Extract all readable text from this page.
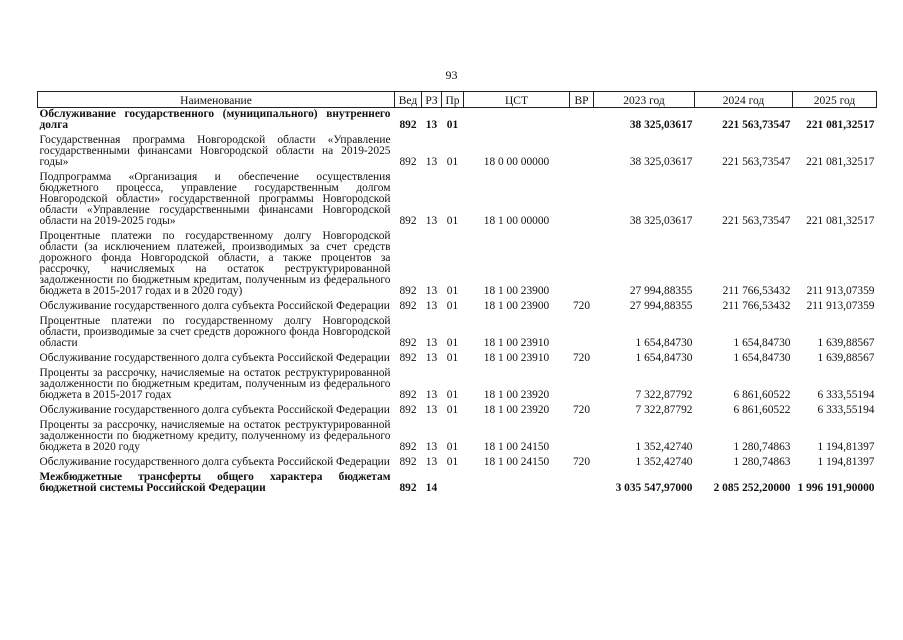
93
Наименование	Вед	РЗ	Пр	ЦСТ	ВР	2023 год	2024 год	2025 год
Обслуживание государственного (муниципального) внутреннего долга	892	13	01			38 325,03617	221 563,73547	221 081,32517
Государственная программа Новгородской области «Управление государственными финансами Новгородской области на 2019-2025 годы»	892	13	01	18 0 00 00000		38 325,03617	221 563,73547	221 081,32517
Подпрограмма «Организация и обеспечение осуществления бюджетного процесса, управление государственным долгом Новгородской области» государственной программы Новгородской области «Управление государственными финансами Новгородской области на 2019-2025 годы»	892	13	01	18 1 00 00000		38 325,03617	221 563,73547	221 081,32517
Процентные платежи по государственному долгу Новгородской области (за исключением платежей, производимых за счет средств дорожного фонда Новгородской области, а также процентов за рассрочку, начисляемых на остаток реструктурированной задолженности по бюджетным кредитам, полученным из федерального бюджета в 2015-2017 годах и в 2020 году)	892	13	01	18 1 00 23900		27 994,88355	211 766,53432	211 913,07359
Обслуживание государственного долга субъекта Российской Федерации	892	13	01	18 1 00 23900	720	27 994,88355	211 766,53432	211 913,07359
Процентные платежи по государственному долгу Новгородской области, производимые за счет средств дорожного фонда Новгородской области	892	13	01	18 1 00 23910		1 654,84730	1 654,84730	1 639,88567
Обслуживание государственного долга субъекта Российской Федерации	892	13	01	18 1 00 23910	720	1 654,84730	1 654,84730	1 639,88567
Проценты за рассрочку, начисляемые на остаток реструктурированной задолженности по бюджетным кредитам, полученным из федерального бюджета в 2015-2017 годах	892	13	01	18 1 00 23920		7 322,87792	6 861,60522	6 333,55194
Обслуживание государственного долга субъекта Российской Федерации	892	13	01	18 1 00 23920	720	7 322,87792	6 861,60522	6 333,55194
Проценты за рассрочку, начисляемые на остаток реструктурированной задолженности по бюджетному кредиту, полученному из федерального бюджета в 2020 году	892	13	01	18 1 00 24150		1 352,42740	1 280,74863	1 194,81397
Обслуживание государственного долга субъекта Российской Федерации	892	13	01	18 1 00 24150	720	1 352,42740	1 280,74863	1 194,81397
Межбюджетные трансферты общего характера бюджетам бюджетной системы Российской Федерации	892	14				3 035 547,97000	2 085 252,20000	1 996 191,90000
